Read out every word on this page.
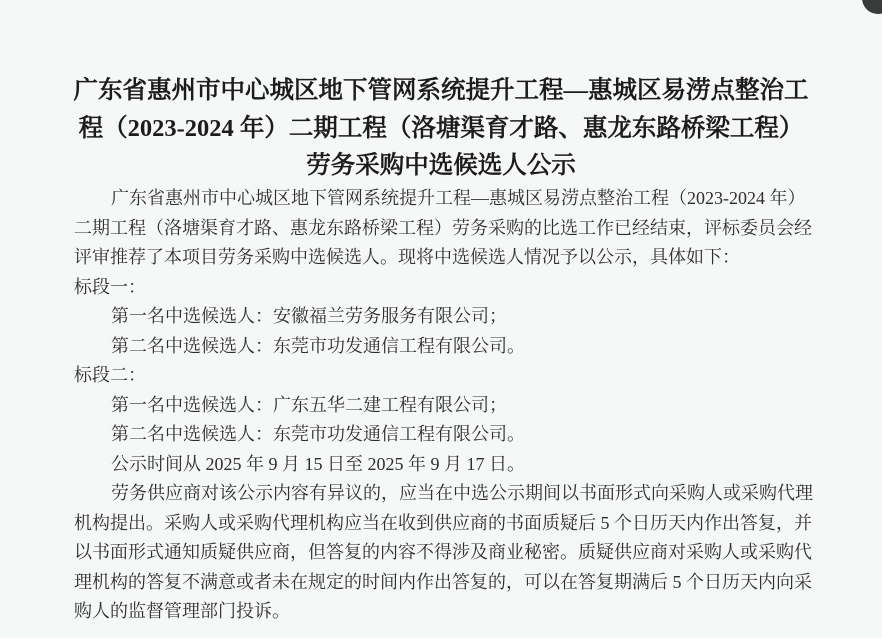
广东省惠州市中心城区地下管网系统提升工程—惠城区易涝点整治工
程（2023-2024 年）二期工程（洛塘渠育才路、惠龙东路桥梁工程）
劳务采购中选候选人公示

广东省惠州市中心城区地下管网系统提升工程—惠城区易涝点整治工程（2023-2024 年）

二期工程（洛塘渠育才路、惠龙东路桥梁工程）劳务采购的比选工作已经结束，评标委员会经

评审推荐了本项目劳务采购中选候选人。现将中选候选人情况予以公示，具体如下：

标段一：

第一名中选候选人：安徽福兰劳务服务有限公司；

第二名中选候选人：东莞市功发通信工程有限公司。

标段二：

第一名中选候选人：广东五华二建工程有限公司；

第二名中选候选人：东莞市功发通信工程有限公司。

公示时间从 2025 年 9 月 15 日至 2025 年 9 月 17 日。

劳务供应商对该公示内容有异议的，应当在中选公示期间以书面形式向采购人或采购代理

机构提出。采购人或采购代理机构应当在收到供应商的书面质疑后 5 个日历天内作出答复，并

以书面形式通知质疑供应商，但答复的内容不得涉及商业秘密。质疑供应商对采购人或采购代

理机构的答复不满意或者未在规定的时间内作出答复的，可以在答复期满后 5 个日历天内向采

购人的监督管理部门投诉。
